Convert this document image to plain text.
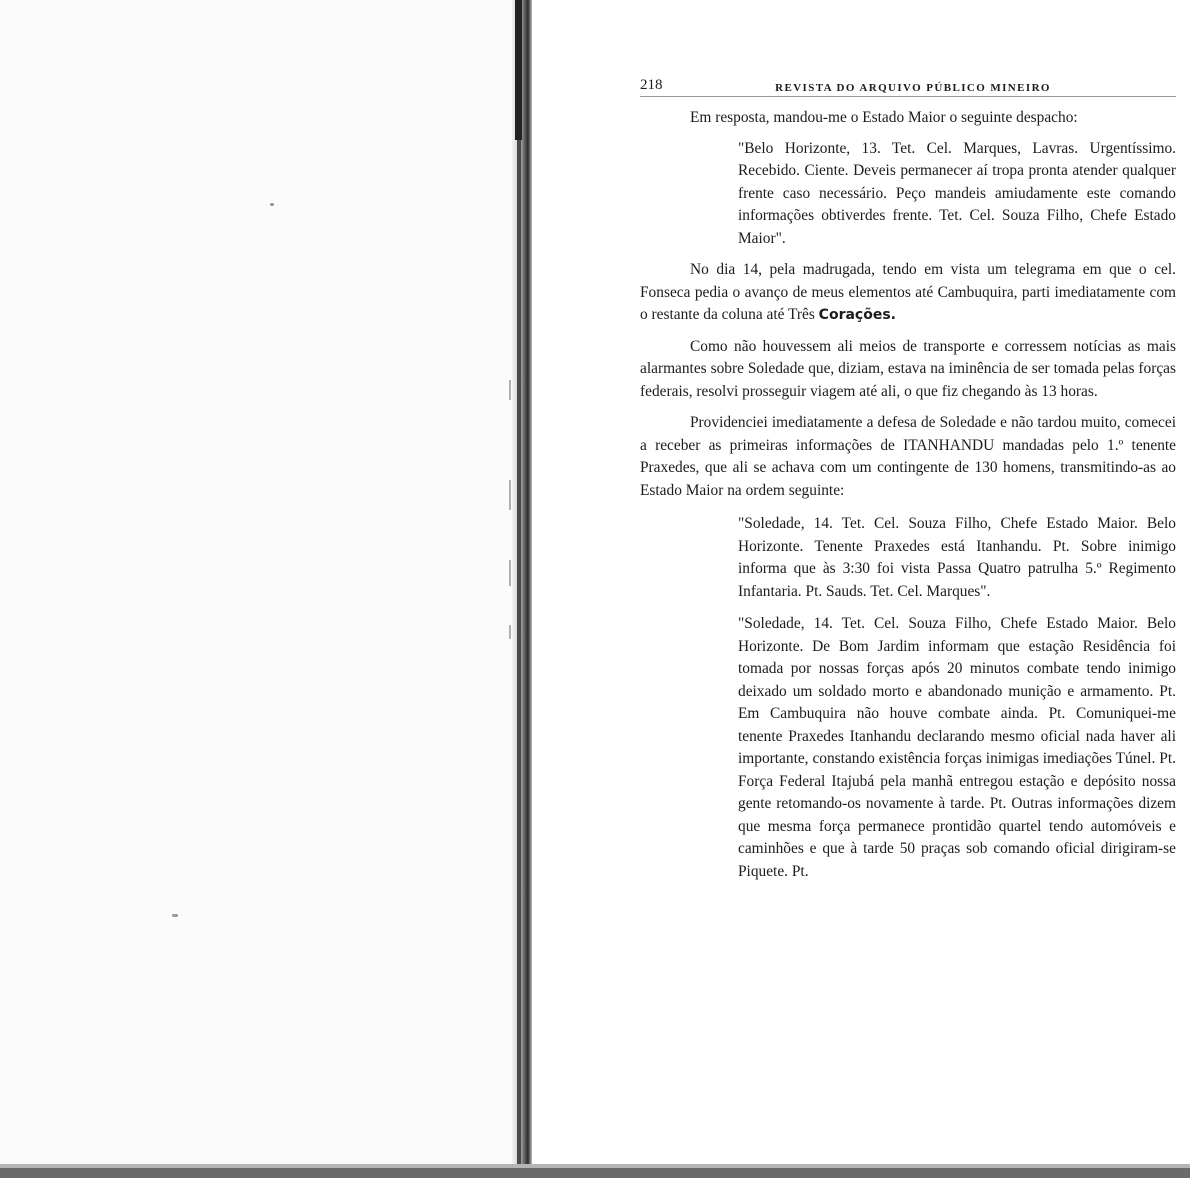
218	REVISTA DO ARQUIVO PÚBLICO MINEIRO

Em resposta, mandou-me o Estado Maior o seguinte despacho:

"Belo Horizonte, 13. Tet. Cel. Marques, Lavras. Urgentíssimo. Recebido. Ciente. Deveis permanecer aí tropa pronta atender qualquer frente caso necessário. Peço mandeis amiudamente este comando informações obtiverdes frente. Tet. Cel. Souza Filho, Chefe Estado Maior".

No dia 14, pela madrugada, tendo em vista um telegrama em que o cel. Fonseca pedia o avanço de meus elementos até Cambuquira, parti imediatamente com o restante da coluna até Três Corações.

Como não houvessem ali meios de transporte e corressem notícias as mais alarmantes sobre Soledade que, diziam, estava na iminência de ser tomada pelas forças federais, resolvi prosseguir viagem até ali, o que fiz chegando às 13 horas.

Providenciei imediatamente a defesa de Soledade e não tardou muito, comecei a receber as primeiras informações de ITANHANDU mandadas pelo 1.º tenente Praxedes, que ali se achava com um contingente de 130 homens, transmitindo-as ao Estado Maior na ordem seguinte:

"Soledade, 14. Tet. Cel. Souza Filho, Chefe Estado Maior. Belo Horizonte. Tenente Praxedes está Itanhandu. Pt. Sobre inimigo informa que às 3:30 foi vista Passa Quatro patrulha 5.º Regimento Infantaria. Pt. Sauds. Tet. Cel. Marques".

"Soledade, 14. Tet. Cel. Souza Filho, Chefe Estado Maior. Belo Horizonte. De Bom Jardim informam que estação Residência foi tomada por nossas forças após 20 minutos combate tendo inimigo deixado um soldado morto e abandonado munição e armamento. Pt. Em Cambuquira não houve combate ainda. Pt. Comuniquei-me tenente Praxedes Itanhandu declarando mesmo oficial nada haver ali importante, constando existência forças inimigas imediações Túnel. Pt. Força Federal Itajubá pela manhã entregou estação e depósito nossa gente retomando-os novamente à tarde. Pt. Outras informações dizem que mesma força permanece prontidão quartel tendo automóveis e caminhões e que à tarde 50 praças sob comando oficial dirigiram-se Piquete. Pt.
